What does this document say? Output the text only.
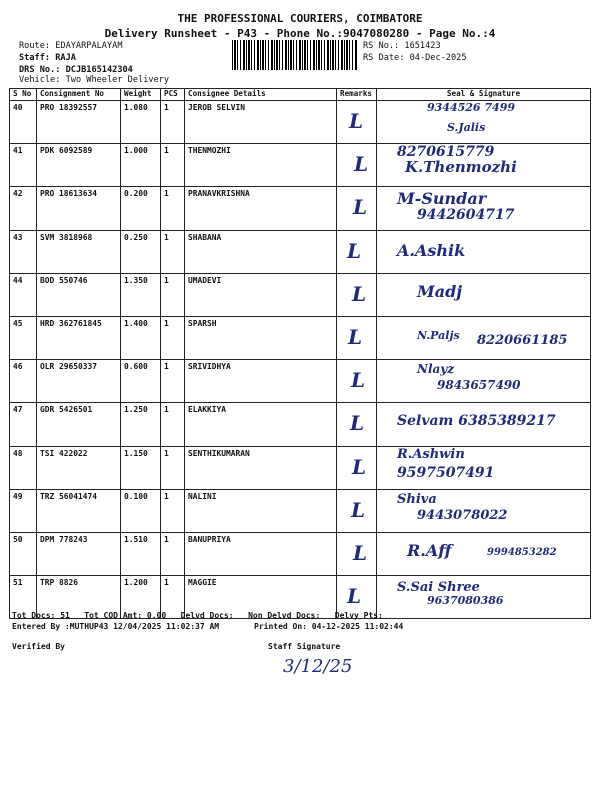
THE PROFESSIONAL COURIERS, COIMBATORE
Delivery Runsheet - P43 - Phone No.:9047080280 - Page No.:4
Route: EDAYARPALAYAM
Staff: RAJA
DRS No.: DCJB165142304
Vehicle: Two Wheeler Delivery
RS No.: 1651423
RS Date: 04-Dec-2025
S No	Consignment No	Weight	PCS	Consignee Details	Remarks	Seal & Signature
40	PRO 18392557	1.080	1	JEROB SELVIN	L	9344526 7499
S.Jalis

41	PDK 6092589	1.000	1	THENMOZHI	L	8270615779
K.Thenmozhi

42	PRO 18613634	0.200	1	PRANAVKRISHNA	L	M-Sundar
9442604717

43	SVM 3818968	0.250	1	SHABANA	L	A.Ashik

44	BOD 550746	1.350	1	UMADEVI	L	Madj

45	HRD 362761845	1.400	1	SPARSH	L	N.Paljs 8220661185

46	OLR 29650337	0.600	1	SRIVIDHYA	L	Nlayz
9843657490

47	GDR 5426501	1.250	1	ELAKKIYA	L	Selvam 6385389217

48	TSI 422022	1.150	1	SENTHIKUMARAN	L	R.Ashwin
9597507491

49	TRZ 56041474	0.100	1	NALINI	L	Shiva
9443078022

50	DPM 778243	1.510	1	BANUPRIYA	L	R.Aff 9994853282

51	TRP 8826	1.200	1	MAGGIE	L	S.Sai Shree
9637080386
Tot Docs: 51 Tot COD Amt: 0.00 Delvd Docs: Non Delvd Docs: Delvy Pts:
Entered By :MUTHUP43 12/04/2025 11:02:37 AM	Printed On: 04-12-2025 11:02:44
Verified By	Staff Signature
3/12/25
